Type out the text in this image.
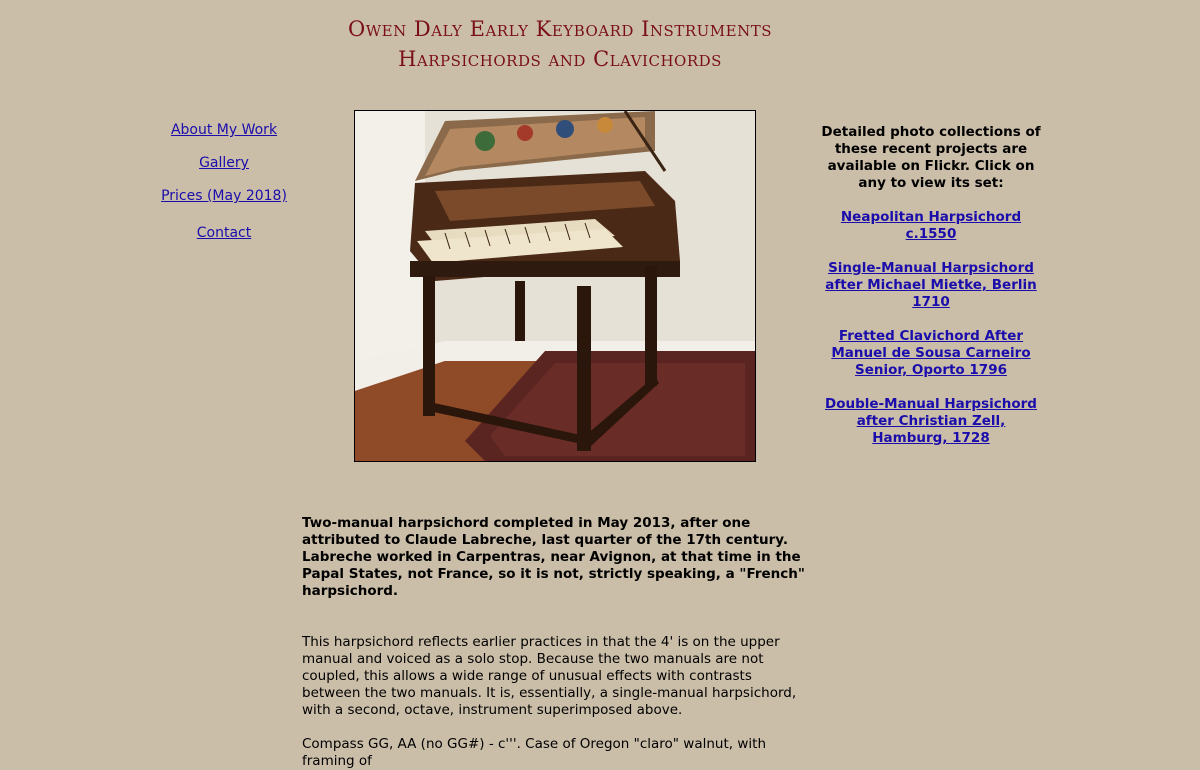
Owen Daly Early Keyboard Instruments
Harpsichords and Clavichords
About My Work
Gallery
Prices (May 2018)
Contact

Detailed photo collections of these recent projects are available on Flickr. Click on any to view its set:

Neapolitan Harpsichord c.1550
Single-Manual Harpsichord after Michael Mietke, Berlin 1710
Fretted Clavichord After Manuel de Sousa Carneiro Senior, Oporto 1796
Double-Manual Harpsichord after Christian Zell, Hamburg, 1728

Two-manual harpsichord completed in May 2013, after one attributed to Claude Labreche, last quarter of the 17th century. Labreche worked in Carpentras, near Avignon, at that time in the Papal States, not France, so it is not, strictly speaking, a "French" harpsichord.

This harpsichord reflects earlier practices in that the 4' is on the upper manual and voiced as a solo stop. Because the two manuals are not coupled, this allows a wide range of unusual effects with contrasts between the two manuals. It is, essentially, a single-manual harpsichord, with a second, octave, instrument superimposed above.

Compass GG, AA (no GG#) - c'''. Case of Oregon "claro" walnut, with framing of
